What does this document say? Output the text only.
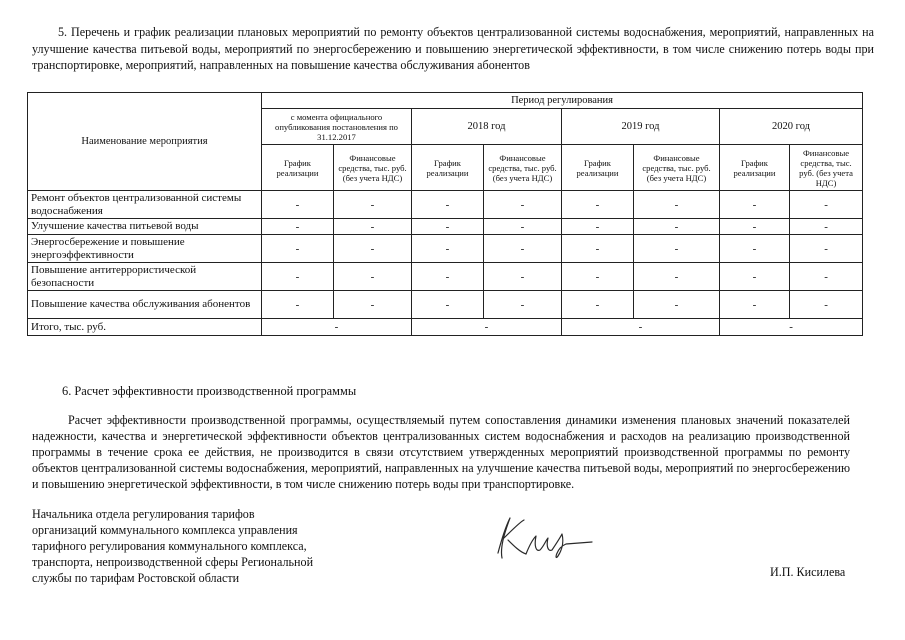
5. Перечень и график реализации плановых мероприятий по ремонту объектов централизованной системы водоснабжения, мероприятий, направленных на улучшение качества питьевой воды, мероприятий по энергосбережению и повышению энергетической эффективности, в том числе снижению потерь воды при транспортировке, мероприятий, направленных на повышение качества обслуживания абонентов
Наименование мероприятия	Период регулирования							
	с момента официального опубликования постановления по 31.12.2017		2018 год		2019 год		2020 год	
	График реализации	Финансовые средства, тыс. руб. (без учета НДС)	График реализации	Финансовые средства, тыс. руб. (без учета НДС)	График реализации	Финансовые средства, тыс. руб. (без учета НДС)	График реализации	Финансовые средства, тыс. руб. (без учета НДС)
Ремонт объектов централизованной системы водоснабжения	-	-	-	-	-	-	-	-
Улучшение качества питьевой воды	-	-	-	-	-	-	-	-
Энергосбережение и повышение энергоэффективности	-	-	-	-	-	-	-	-
Повышение антитеррористической безопасности	-	-	-	-	-	-	-	-
Повышение качества обслуживания абонентов	-	-	-	-	-	-	-	-
Итого, тыс. руб.	-		-		-		-	
6. Расчет эффективности производственной программы
Расчет эффективности производственной программы, осуществляемый путем сопоставления динамики изменения плановых значений показателей надежности, качества и энергетической эффективности объектов централизованных систем водоснабжения и расходов на реализацию производственной программы в течение срока ее действия, не производится в связи отсутствием утвержденных мероприятий производственной программы по ремонту объектов централизованной системы водоснабжения, мероприятий, направленных на улучшение качества питьевой воды, мероприятий по энергосбережению и повышению энергетической эффективности, в том числе снижению потерь воды при транспортировке.
Начальника отдела регулирования тарифов
организаций коммунального комплекса управления
тарифного регулирования коммунального комплекса,
транспорта, непроизводственной сферы Региональной
службы по тарифам Ростовской области	И.П. Кисилева
